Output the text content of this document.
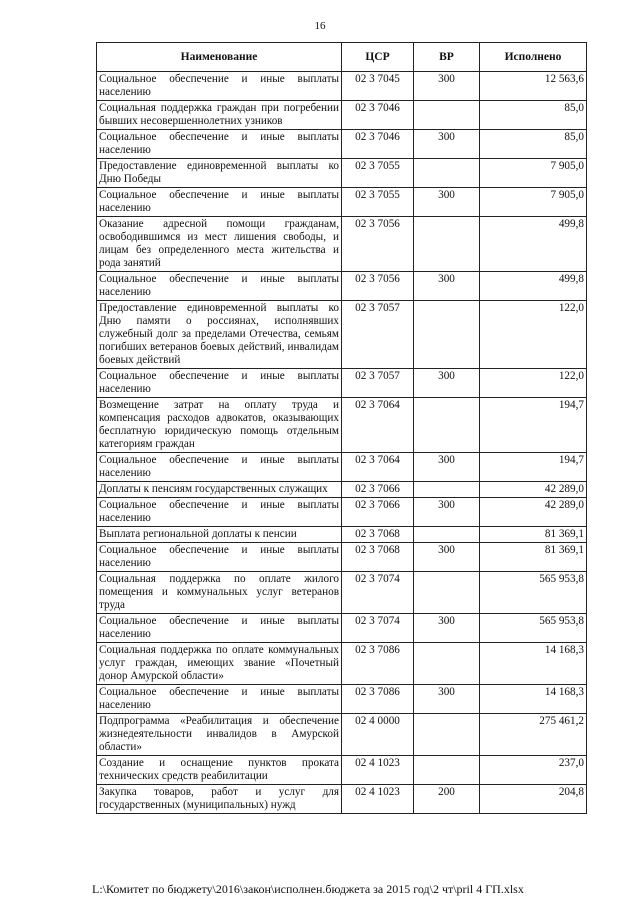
16
Наименование	ЦСР	ВР	Исполнено
Социальное обеспечение и иные выплаты населению	02 3 7045	300	12 563,6
Социальная поддержка граждан при погребении бывших несовершеннолетних узников	02 3 7046		85,0
Социальное обеспечение и иные выплаты населению	02 3 7046	300	85,0
Предоставление единовременной выплаты ко Дню Победы	02 3 7055		7 905,0
Социальное обеспечение и иные выплаты населению	02 3 7055	300	7 905,0
Оказание адресной помощи гражданам, освободившимся из мест лишения свободы, и лицам без определенного места жительства и рода занятий	02 3 7056		499,8
Социальное обеспечение и иные выплаты населению	02 3 7056	300	499,8
Предоставление единовременной выплаты ко Дню памяти о россиянах, исполнявших служебный долг за пределами Отечества, семьям погибших ветеранов боевых действий, инвалидам боевых действий	02 3 7057		122,0
Социальное обеспечение и иные выплаты населению	02 3 7057	300	122,0
Возмещение затрат на оплату труда и компенсация расходов адвокатов, оказывающих бесплатную юридическую помощь отдельным категориям граждан	02 3 7064		194,7
Социальное обеспечение и иные выплаты населению	02 3 7064	300	194,7
Доплаты к пенсиям государственных служащих	02 3 7066		42 289,0
Социальное обеспечение и иные выплаты населению	02 3 7066	300	42 289,0
Выплата региональной доплаты к пенсии	02 3 7068		81 369,1
Социальное обеспечение и иные выплаты населению	02 3 7068	300	81 369,1
Социальная поддержка по оплате жилого помещения и коммунальных услуг ветеранов труда	02 3 7074		565 953,8
Социальное обеспечение и иные выплаты населению	02 3 7074	300	565 953,8
Социальная поддержка по оплате коммунальных услуг граждан, имеющих звание «Почетный донор Амурской области»	02 3 7086		14 168,3
Социальное обеспечение и иные выплаты населению	02 3 7086	300	14 168,3
Подпрограмма «Реабилитация и обеспечение жизнедеятельности инвалидов в Амурской области»	02 4 0000		275 461,2
Создание и оснащение пунктов проката технических средств реабилитации	02 4 1023		237,0
Закупка товаров, работ и услуг для государственных (муниципальных) нужд	02 4 1023	200	204,8
L:\Комитет по бюджету\2016\закон\исполнен.бюджета за 2015 год\2 чт\pril 4 ГП.xlsx
